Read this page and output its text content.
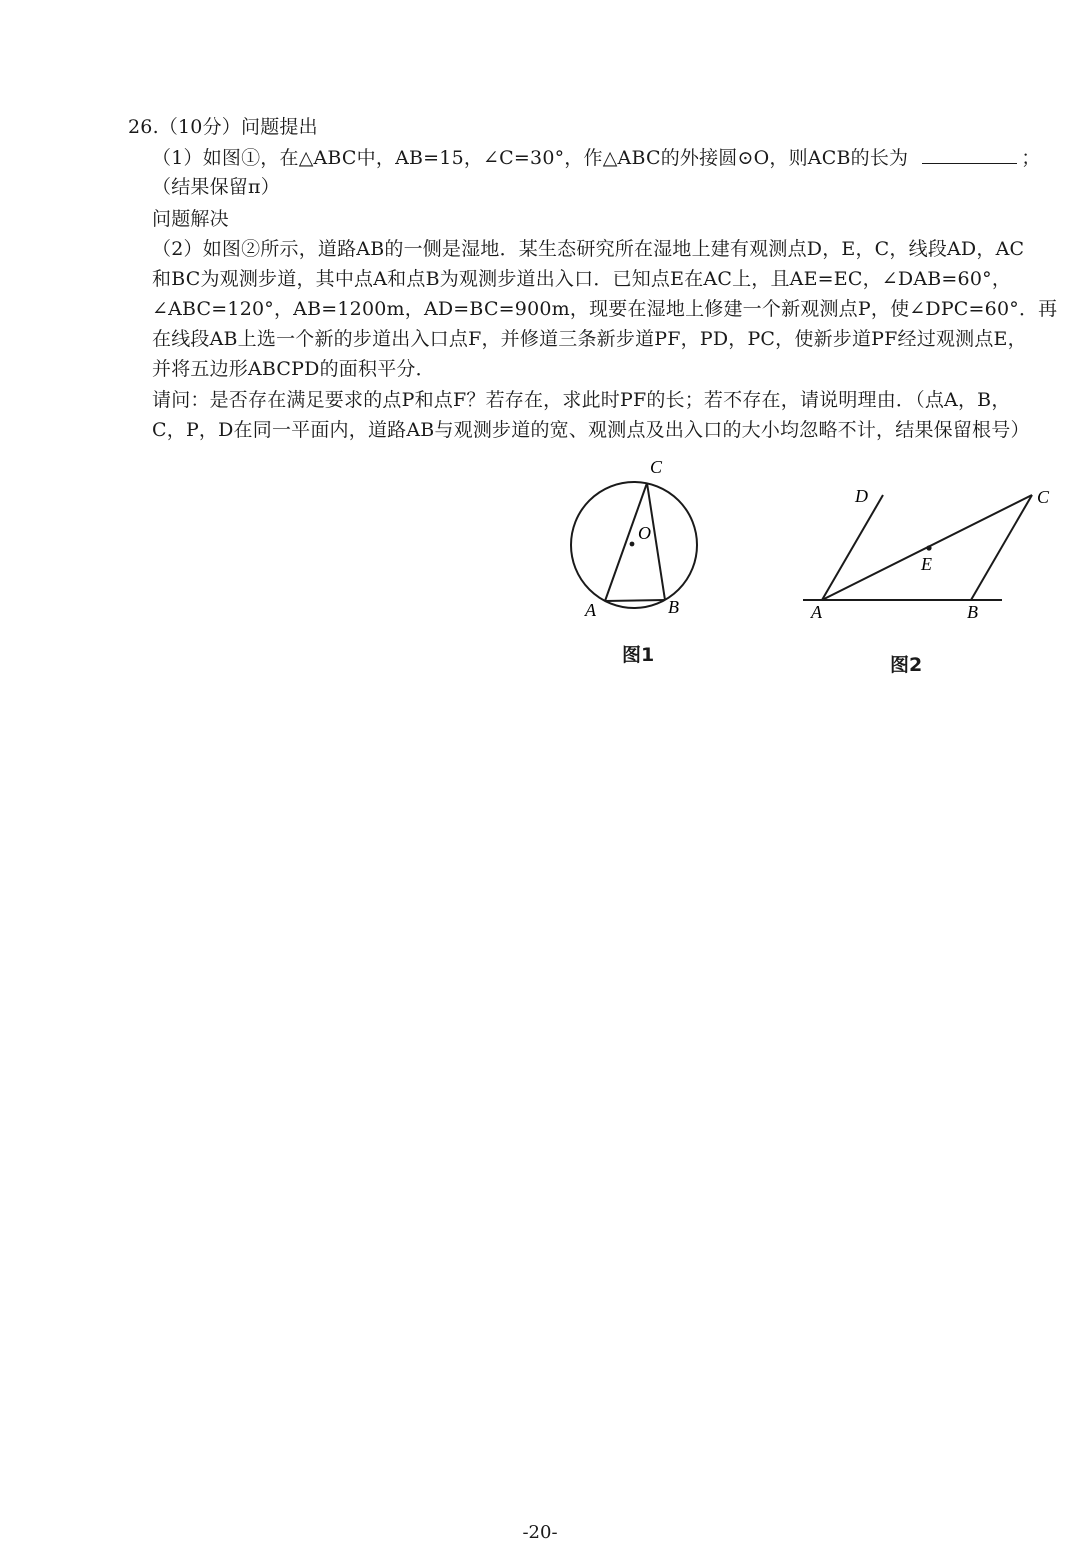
26.（10分）问题提出
（1）如图①，在△ABC中，AB=15，∠C=30°，作△ABC的外接圆⊙O，则ACB的长为	；
（结果保留π）
问题解决
（2）如图②所示，道路AB的一侧是湿地．某生态研究所在湿地上建有观测点D，E，C，线段AD，AC
和BC为观测步道，其中点A和点B为观测步道出入口．已知点E在AC上，且AE=EC，∠DAB=60°，
∠ABC=120°，AB=1200m，AD=BC=900m，现要在湿地上修建一个新观测点P，使∠DPC=60°．再
在线段AB上选一个新的步道出入口点F，并修道三条新步道PF，PD，PC，使新步道PF经过观测点E，
并将五边形ABCPD的面积平分．
请问：是否存在满足要求的点P和点F？若存在，求此时PF的长；若不存在，请说明理由．（点A，B，
C，P，D在同一平面内，道路AB与观测步道的宽、观测点及出入口的大小均忽略不计，结果保留根号）
C
O
A	B
图1
D	C
E
A	B
图2
-20-
